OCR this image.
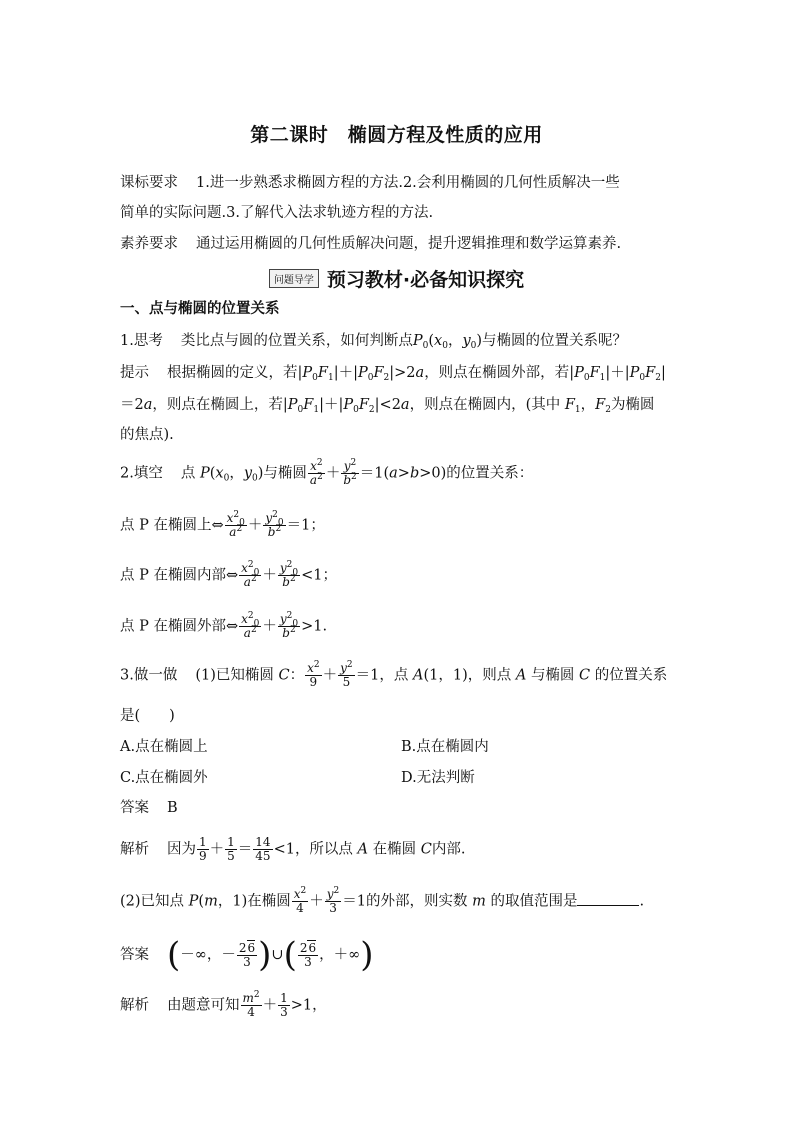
第二课时　椭圆方程及性质的应用
课标要求 1.进一步熟悉求椭圆方程的方法.2.会利用椭圆的几何性质解决一些
简单的实际问题.3.了解代入法求轨迹方程的方法.
素养要求 通过运用椭圆的几何性质解决问题，提升逻辑推理和数学运算素养.
问题导学 预习教材·必备知识探究
一、点与椭圆的位置关系
1.思考 类比点与圆的位置关系，如何判断点$P_0(x_0$，$y_0$)与椭圆的位置关系呢？
提示 根据椭圆的定义，若$|P_0F_1|+|P_0F_2|>2a$，则点在椭圆外部，若$|P_0F_1|+|P_0F_2|$
＝2a，则点在椭圆上，若$|P_0F_1|+|P_0F_2|<2a$，则点在椭圆内，(其中 $F_1$，$F_2$为椭圆
的焦点).
2.填空 点 $P(x_0$，$y_0$)与椭圆 $\frac{x^2}{a^2} + \frac{y^2}{b^2} =1(a>b>0)$的位置关系：
点 P 在椭圆上⇔ $\frac{x^2_0}{a^2} + \frac{y^2_0}{b^2} =1$；
点 P 在椭圆内部⇔ $\frac{x^2_0}{a^2} + \frac{y^2_0}{b^2} <1$；
点 P 在椭圆外部⇔ $\frac{x^2_0}{a^2} + \frac{y^2_0}{b^2} >1$.
3.做一做 (1)已知椭圆 C： $\frac{x^2}{9} + \frac{y^2}{5} =1$，点 A(1，1)，则点 A 与椭圆 C 的位置关系
是(　　)
A.点在椭圆上	B.点在椭圆内
C.点在椭圆外	D.无法判断
答案 B
解析 因为 $\frac{1}{9} + \frac{1}{5} = \frac{14}{45} <1$，所以点 A 在椭圆 C内部.
(2)已知点 P(m，1)在椭圆 $\frac{x^2}{4} + \frac{y^2}{3} =1$的外部，则实数 m 的取值范围是	.
答案 (－∞，－ $\frac{26}{3}$ )∪( $\frac{26}{3}$ ，＋∞)
解析 由题意可知 $\frac{m^2}{4} + \frac{1}{3} >1$，
